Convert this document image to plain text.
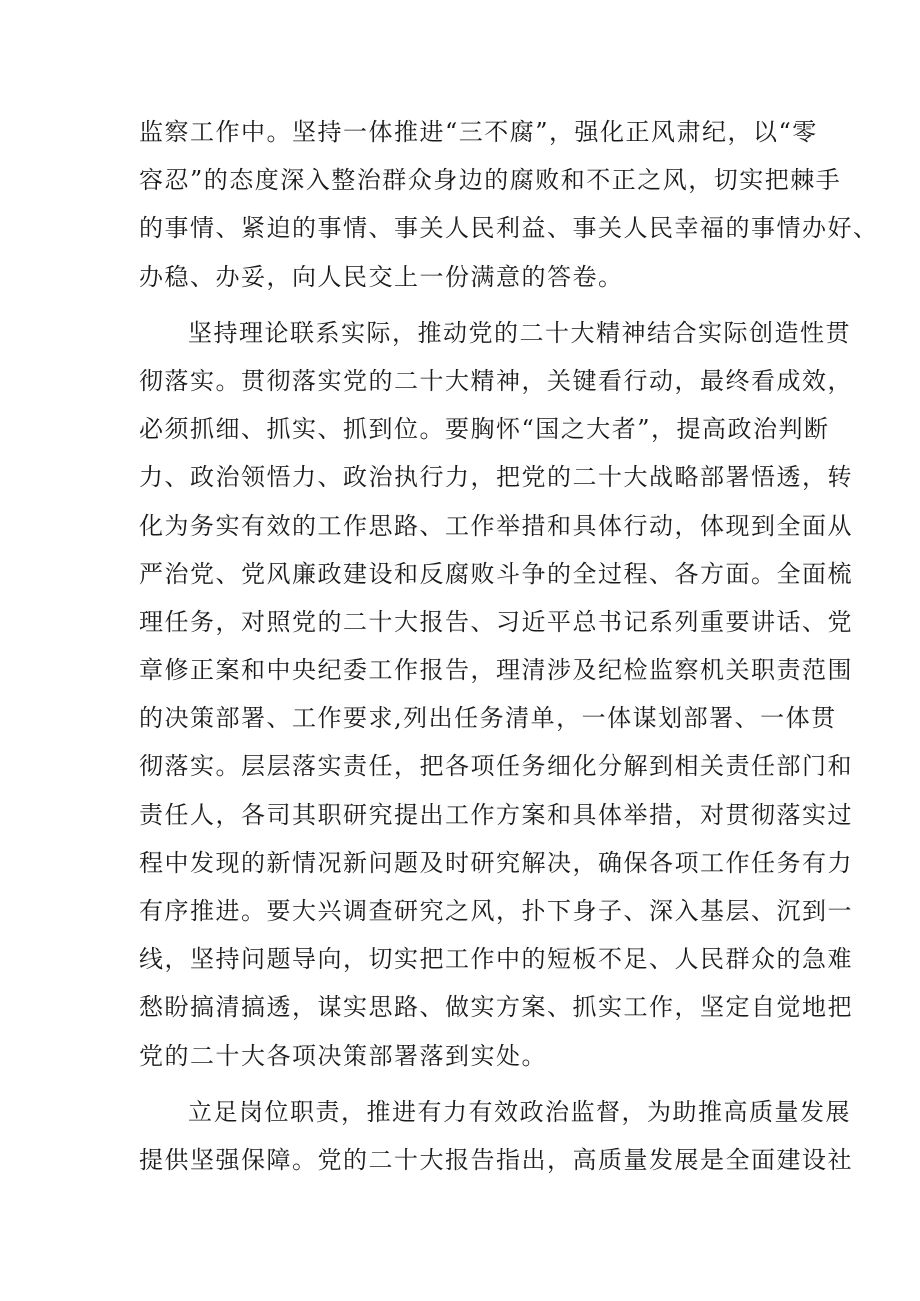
监察工作中。坚持一体推进“三不腐”，强化正风肃纪，以“零
容忍”的态度深入整治群众身边的腐败和不正之风，切实把棘手
的事情、紧迫的事情、事关人民利益、事关人民幸福的事情办好、
办稳、办妥，向人民交上一份满意的答卷。
坚持理论联系实际，推动党的二十大精神结合实际创造性贯
彻落实。贯彻落实党的二十大精神，关键看行动，最终看成效，
必须抓细、抓实、抓到位。要胸怀“国之大者”，提高政治判断
力、政治领悟力、政治执行力，把党的二十大战略部署悟透，转
化为务实有效的工作思路、工作举措和具体行动，体现到全面从
严治党、党风廉政建设和反腐败斗争的全过程、各方面。全面梳
理任务，对照党的二十大报告、习近平总书记系列重要讲话、党
章修正案和中央纪委工作报告，理清涉及纪检监察机关职责范围
的决策部署、工作要求,列出任务清单，一体谋划部署、一体贯
彻落实。层层落实责任，把各项任务细化分解到相关责任部门和
责任人，各司其职研究提出工作方案和具体举措，对贯彻落实过
程中发现的新情况新问题及时研究解决，确保各项工作任务有力
有序推进。要大兴调查研究之风，扑下身子、深入基层、沉到一
线，坚持问题导向，切实把工作中的短板不足、人民群众的急难
愁盼搞清搞透，谋实思路、做实方案、抓实工作，坚定自觉地把
党的二十大各项决策部署落到实处。
立足岗位职责，推进有力有效政治监督，为助推高质量发展
提供坚强保障。党的二十大报告指出，高质量发展是全面建设社
